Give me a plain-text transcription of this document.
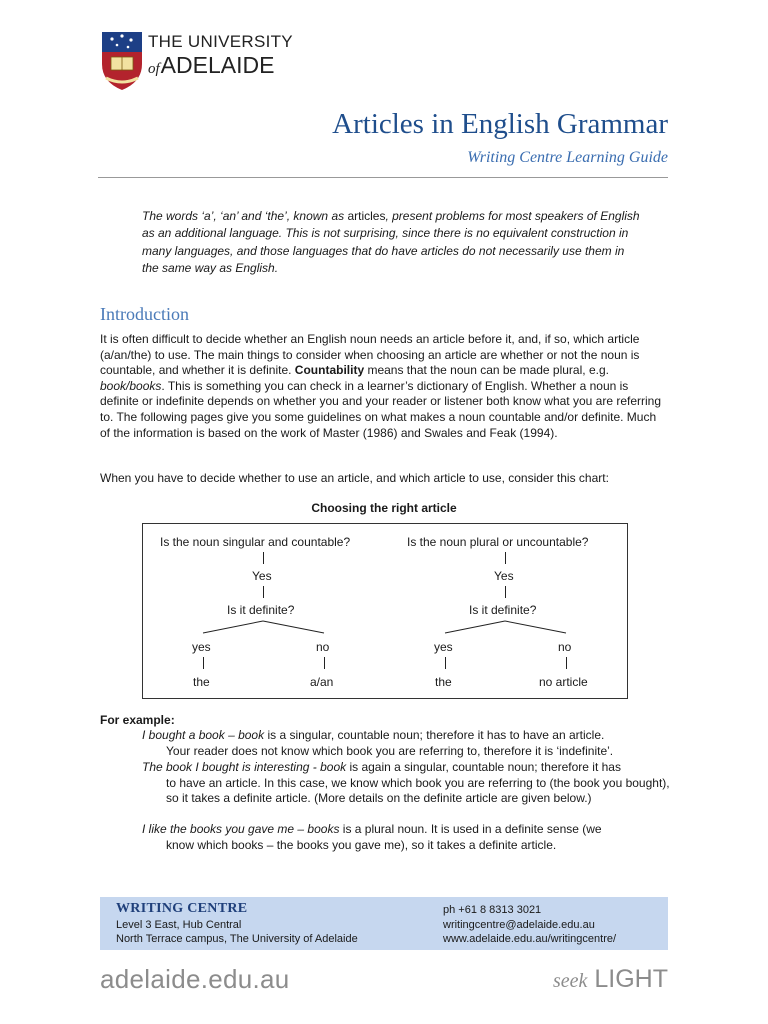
THE UNIVERSITY
ofADELAIDE
Articles in English Grammar
Writing Centre Learning Guide
The words ‘a’, ‘an’ and ‘the’, known as articles, present problems for most speakers of English as an additional language. This is not surprising, since there is no equivalent construction in many languages, and those languages that do have articles do not necessarily use them in the same way as English.
Introduction
It is often difficult to decide whether an English noun needs an article before it, and, if so, which article (a/an/the) to use. The main things to consider when choosing an article are whether or not the noun is countable, and whether it is definite. Countability means that the noun can be made plural, e.g. book/books. This is something you can check in a learner’s dictionary of English. Whether a noun is definite or indefinite depends on whether you and your reader or listener both know what you are referring to. The following pages give you some guidelines on what makes a noun countable and/or definite. Much of the information is based on the work of Master (1986) and Swales and Feak (1994).
When you have to decide whether to use an article, and which article to use, consider this chart:
Choosing the right article
Is the noun singular and countable?
Yes
Is it definite?
yes	no
the	a/an
Is the noun plural or uncountable?
Yes
Is it definite?
yes	no
the	no article
For example:
I bought a book – book is a singular, countable noun; therefore it has to have an article.
Your reader does not know which book you are referring to, therefore it is ‘indefinite’.
The book I bought is interesting - book is again a singular, countable noun; therefore it has
to have an article. In this case, we know which book you are referring to (the book you bought), so it takes a definite article. (More details on the definite article are given below.)
I like the books you gave me – books is a plural noun. It is used in a definite sense (we
know which books – the books you gave me), so it takes a definite article.
WRITING CENTRE
Level 3 East, Hub Central
North Terrace campus, The University of Adelaide
ph +61 8 8313 3021
writingcentre@adelaide.edu.au
www.adelaide.edu.au/writingcentre/
adelaide.edu.au	seek LIGHT
